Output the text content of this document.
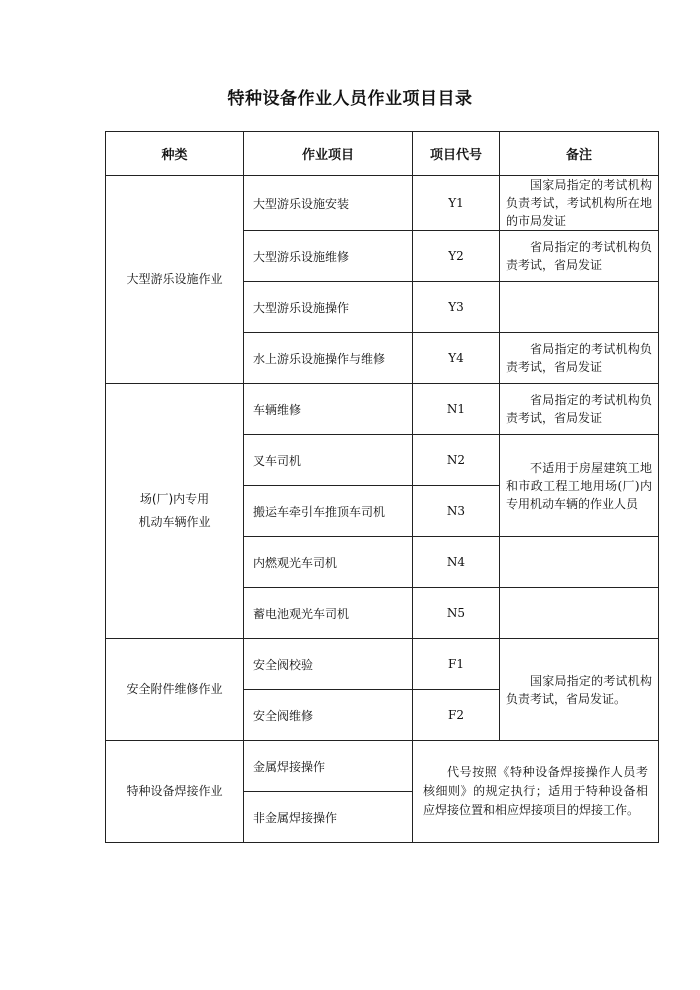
特种设备作业人员作业项目目录
种类	作业项目	项目代号	备注
大型游乐设施作业	大型游乐设施安装	Y1	国家局指定的考试机构负责考试，考试机构所在地的市局发证

	大型游乐设施维修	Y2	省局指定的考试机构负责考试，省局发证

	大型游乐设施操作	Y3	

	水上游乐设施操作与维修	Y4	省局指定的考试机构负责考试，省局发证

场(厂)内专用
机动车辆作业	车辆维修	N1	省局指定的考试机构负责考试，省局发证

	叉车司机	N2	不适用于房屋建筑工地和市政工程工地用场(厂)内专用机动车辆的作业人员

	搬运车牵引车推顶车司机	N3	
	内燃观光车司机	N4	
	蓄电池观光车司机	N5	
安全附件维修作业	安全阀校验	F1	国家局指定的考试机构负责考试，省局发证。

	安全阀维修	F2	
特种设备焊接作业	金属焊接操作	代号按照《特种设备焊接操作人员考核细则》的规定执行；适用于特种设备相应焊接位置和相应焊接项目的焊接工作。	

	非金属焊接操作		
